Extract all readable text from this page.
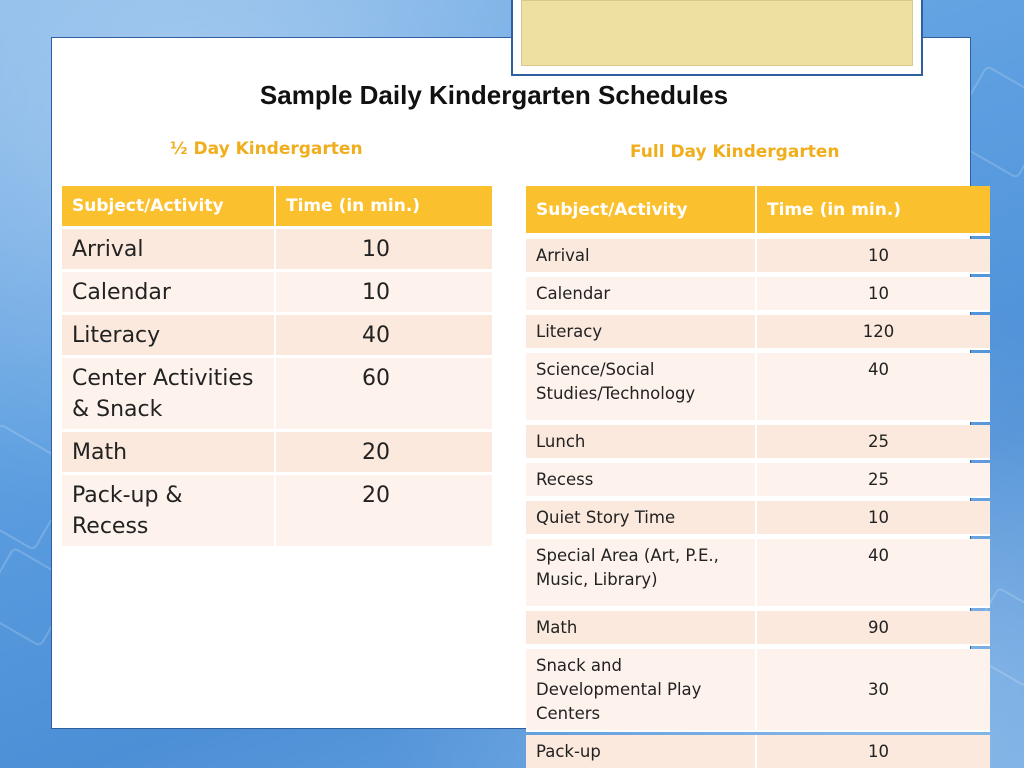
Sample Daily Kindergarten Schedules
½ Day Kindergarten	Full Day Kindergarten
Subject/Activity	Time (in min.)
Arrival	10
Calendar	10
Literacy	40
Center Activities & Snack	60
Math	20
Pack-up & Recess	20
Subject/Activity	Time (in min.)
Arrival	10
Calendar	10
Literacy	120
Science/Social Studies/Technology	40
Lunch	25
Recess	25
Quiet Story Time	10
Special Area (Art, P.E., Music, Library)	40
Math	90
Snack and Developmental Play Centers	30
Pack-up	10
